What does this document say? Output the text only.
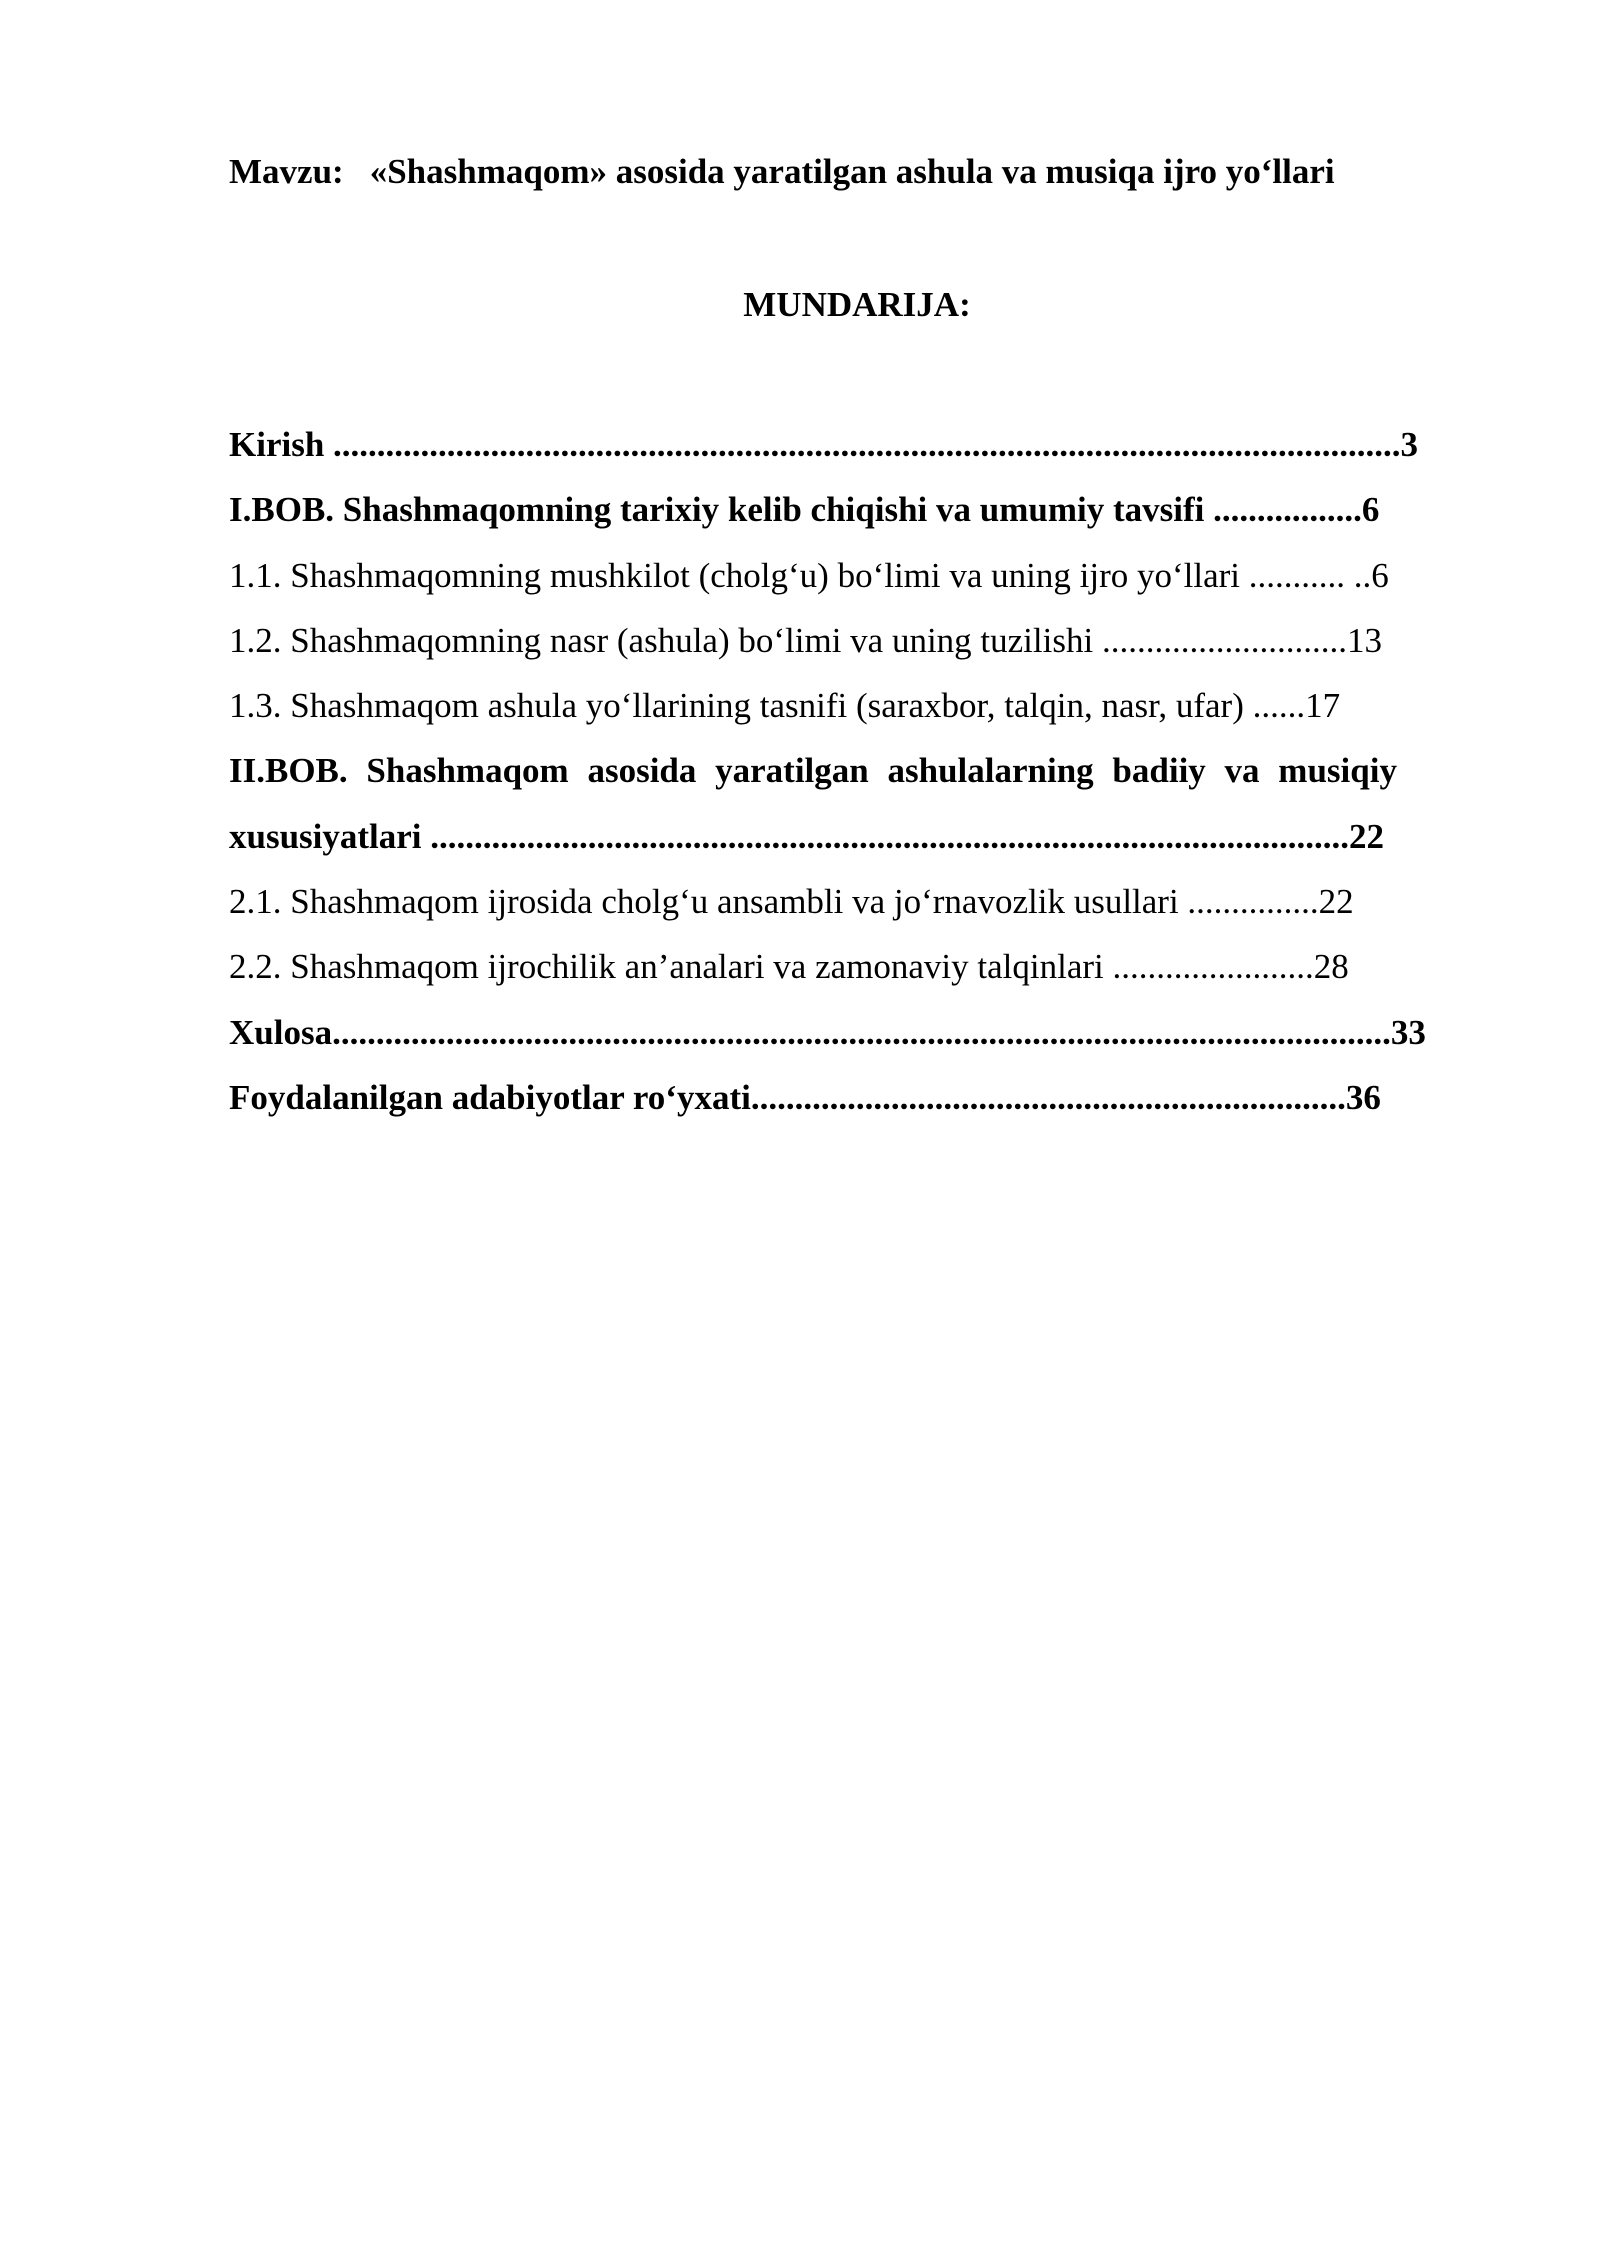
Mavzu: «Shashmaqom» asosida yaratilgan ashula va musiqa ijro yo‘llari
MUNDARIJA:
Kirish ..........................................................................................................................3
I.BOB. Shashmaqomning tarixiy kelib chiqishi va umumiy tavsifi .................6
1.1. Shashmaqomning mushkilot (cholg‘u) bo‘limi va uning ijro yo‘llari ........... ..6
1.2. Shashmaqomning nasr (ashula) bo‘limi va uning tuzilishi ............................13
1.3. Shashmaqom ashula yo‘llarining tasnifi (saraxbor, talqin, nasr, ufar) ......17
II.BOB. Shashmaqom asosida yaratilgan ashulalarning badiiy va musiqiy
xususiyatlari .........................................................................................................22
2.1. Shashmaqom ijrosida cholg‘u ansambli va jo‘rnavozlik usullari ...............22
2.2. Shashmaqom ijrochilik an’analari va zamonaviy talqinlari .......................28
Xulosa.........................................................................................................................33
Foydalanilgan adabiyotlar ro‘yxati....................................................................36
